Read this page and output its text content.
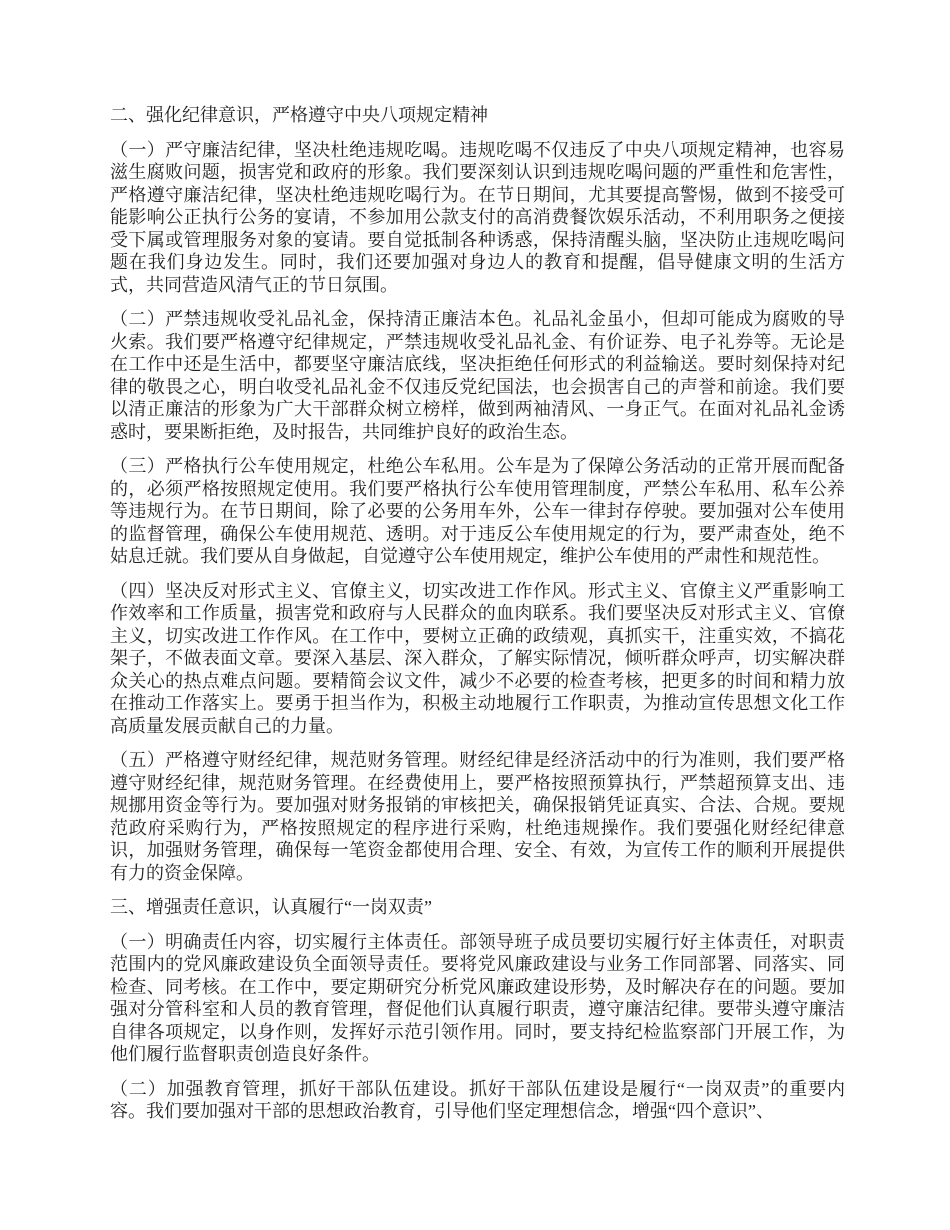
二、强化纪律意识，严格遵守中央八项规定精神

（一）严守廉洁纪律，坚决杜绝违规吃喝。违规吃喝不仅违反了中央八项规定精神，也容易滋生腐败问题，损害党和政府的形象。我们要深刻认识到违规吃喝问题的严重性和危害性，严格遵守廉洁纪律，坚决杜绝违规吃喝行为。在节日期间，尤其要提高警惕，做到不接受可能影响公正执行公务的宴请，不参加用公款支付的高消费餐饮娱乐活动，不利用职务之便接受下属或管理服务对象的宴请。要自觉抵制各种诱惑，保持清醒头脑，坚决防止违规吃喝问题在我们身边发生。同时，我们还要加强对身边人的教育和提醒，倡导健康文明的生活方式，共同营造风清气正的节日氛围。

（二）严禁违规收受礼品礼金，保持清正廉洁本色。礼品礼金虽小，但却可能成为腐败的导火索。我们要严格遵守纪律规定，严禁违规收受礼品礼金、有价证券、电子礼券等。无论是在工作中还是生活中，都要坚守廉洁底线，坚决拒绝任何形式的利益输送。要时刻保持对纪律的敬畏之心，明白收受礼品礼金不仅违反党纪国法，也会损害自己的声誉和前途。我们要以清正廉洁的形象为广大干部群众树立榜样，做到两袖清风、一身正气。在面对礼品礼金诱惑时，要果断拒绝，及时报告，共同维护良好的政治生态。

（三）严格执行公车使用规定，杜绝公车私用。公车是为了保障公务活动的正常开展而配备的，必须严格按照规定使用。我们要严格执行公车使用管理制度，严禁公车私用、私车公养等违规行为。在节日期间，除了必要的公务用车外，公车一律封存停驶。要加强对公车使用的监督管理，确保公车使用规范、透明。对于违反公车使用规定的行为，要严肃查处，绝不姑息迁就。我们要从自身做起，自觉遵守公车使用规定，维护公车使用的严肃性和规范性。

（四）坚决反对形式主义、官僚主义，切实改进工作作风。形式主义、官僚主义严重影响工作效率和工作质量，损害党和政府与人民群众的血肉联系。我们要坚决反对形式主义、官僚主义，切实改进工作作风。在工作中，要树立正确的政绩观，真抓实干，注重实效，不搞花架子，不做表面文章。要深入基层、深入群众，了解实际情况，倾听群众呼声，切实解决群众关心的热点难点问题。要精简会议文件，减少不必要的检查考核，把更多的时间和精力放在推动工作落实上。要勇于担当作为，积极主动地履行工作职责，为推动宣传思想文化工作高质量发展贡献自己的力量。

（五）严格遵守财经纪律，规范财务管理。财经纪律是经济活动中的行为准则，我们要严格遵守财经纪律，规范财务管理。在经费使用上，要严格按照预算执行，严禁超预算支出、违规挪用资金等行为。要加强对财务报销的审核把关，确保报销凭证真实、合法、合规。要规范政府采购行为，严格按照规定的程序进行采购，杜绝违规操作。我们要强化财经纪律意识，加强财务管理，确保每一笔资金都使用合理、安全、有效，为宣传工作的顺利开展提供有力的资金保障。

三、增强责任意识，认真履行“一岗双责”

（一）明确责任内容，切实履行主体责任。部领导班子成员要切实履行好主体责任，对职责范围内的党风廉政建设负全面领导责任。要将党风廉政建设与业务工作同部署、同落实、同检查、同考核。在工作中，要定期研究分析党风廉政建设形势，及时解决存在的问题。要加强对分管科室和人员的教育管理，督促他们认真履行职责，遵守廉洁纪律。要带头遵守廉洁自律各项规定，以身作则，发挥好示范引领作用。同时，要支持纪检监察部门开展工作，为他们履行监督职责创造良好条件。

（二）加强教育管理，抓好干部队伍建设。抓好干部队伍建设是履行“一岗双责”的重要内容。我们要加强对干部的思想政治教育，引导他们坚定理想信念，增强“四个意识”、
